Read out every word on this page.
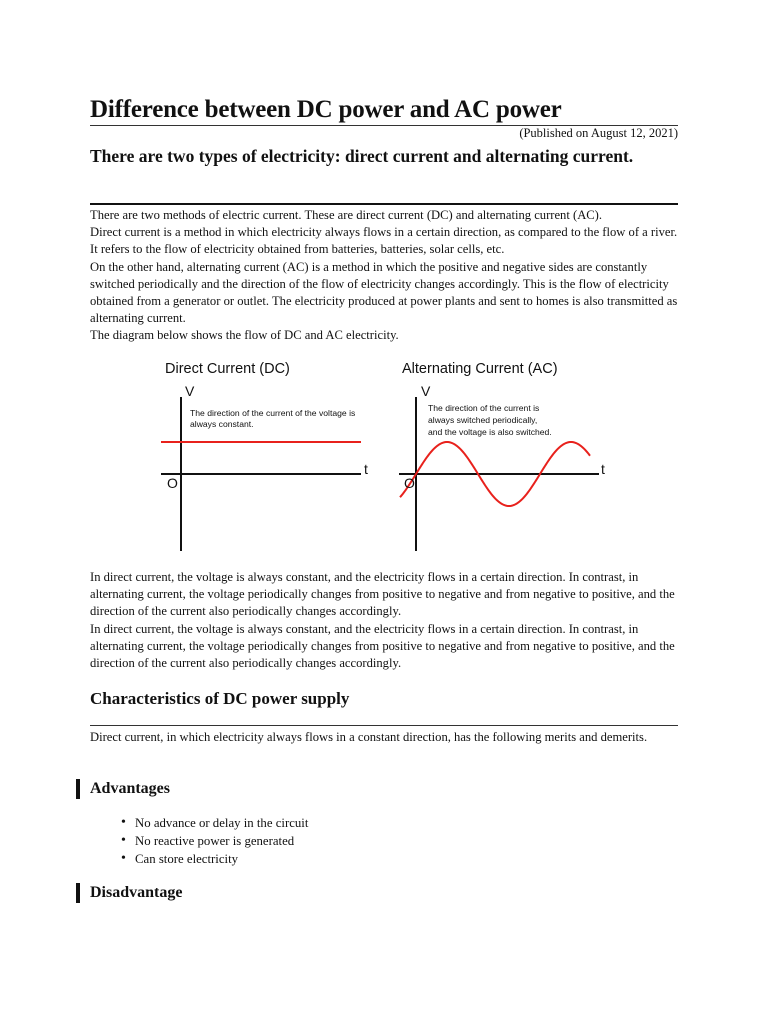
Difference between DC power and AC power
(Published on August 12, 2021)
There are two types of electricity: direct current and alternating current.

There are two methods of electric current. These are direct current (DC) and alternating current (AC).

Direct current is a method in which electricity always flows in a certain direction, as compared to the flow of a river. It refers to the flow of electricity obtained from batteries, batteries, solar cells, etc.

On the other hand, alternating current (AC) is a method in which the positive and negative sides are constantly switched periodically and the direction of the flow of electricity changes accordingly. This is the flow of electricity obtained from a generator or outlet. The electricity produced at power plants and sent to homes is also transmitted as alternating current.

The diagram below shows the flow of DC and AC electricity.

Direct Current (DC)
V
t
O
The direction of the current of the voltage is
always constant.
Alternating Current (AC)
V
t
O
The direction of the current is
always switched periodically,
and the voltage is also switched.

In direct current, the voltage is always constant, and the electricity flows in a certain direction. In contrast, in alternating current, the voltage periodically changes from positive to negative and from negative to positive, and the direction of the current also periodically changes accordingly.

In direct current, the voltage is always constant, and the electricity flows in a certain direction. In contrast, in alternating current, the voltage periodically changes from positive to negative and from negative to positive, and the direction of the current also periodically changes accordingly.

Characteristics of DC power supply
Direct current, in which electricity always flows in a constant direction, has the following merits and demerits.
Advantages
• No advance or delay in the circuit
• No reactive power is generated
• Can store electricity
Disadvantage
